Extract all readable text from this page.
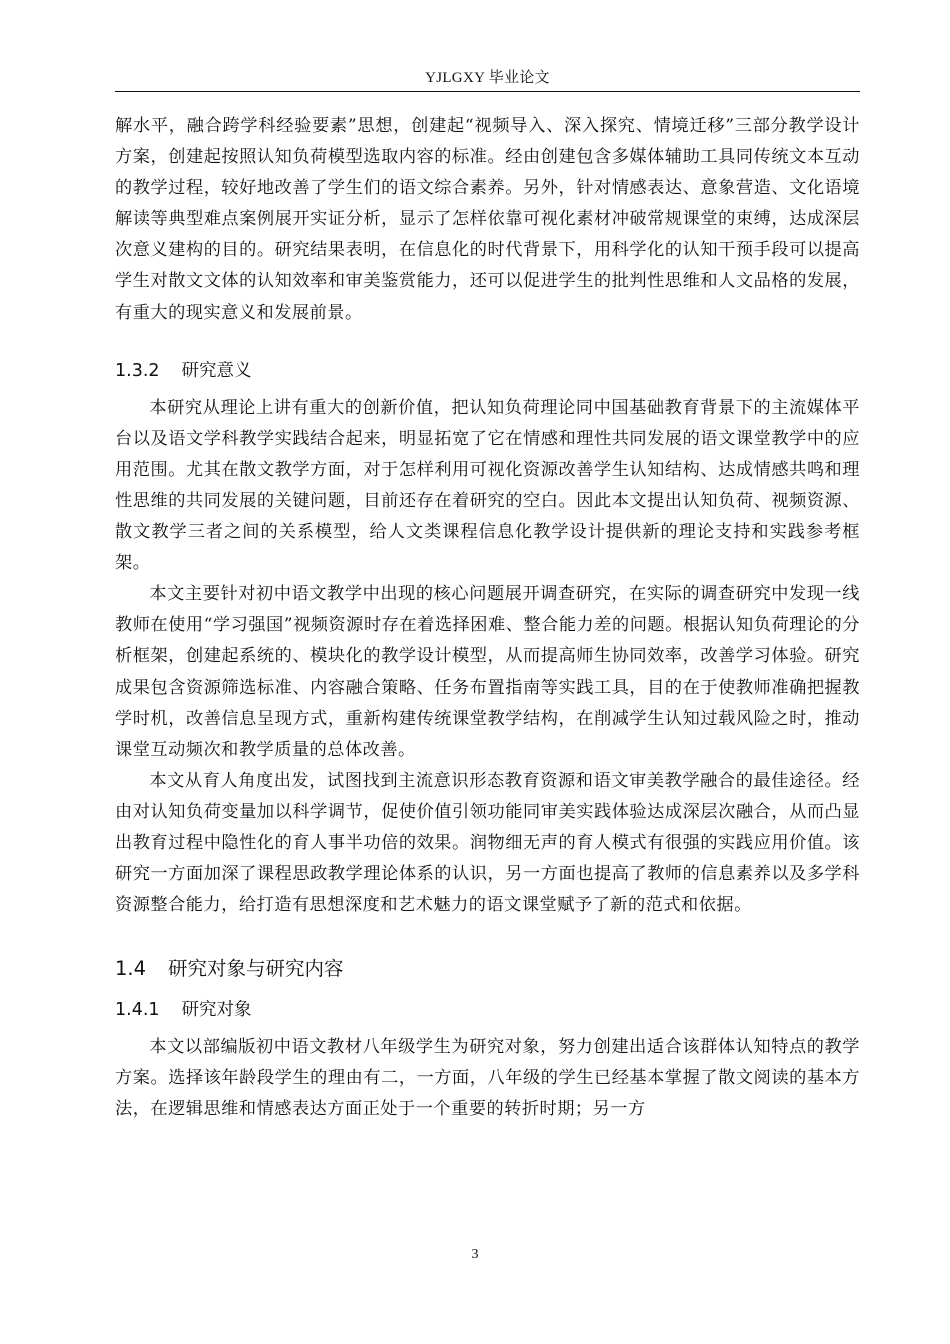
YJLGXY 毕业论文

解水平，融合跨学科经验要素”思想，创建起“视频导入、深入探究、情境迁移”三部分教学设计方案，创建起按照认知负荷模型选取内容的标准。经由创建包含多媒体辅助工具同传统文本互动的教学过程，较好地改善了学生们的语文综合素养。另外，针对情感表达、意象营造、文化语境解读等典型难点案例展开实证分析，显示了怎样依靠可视化素材冲破常规课堂的束缚，达成深层次意义建构的目的。研究结果表明，在信息化的时代背景下，用科学化的认知干预手段可以提高学生对散文文体的认知效率和审美鉴赏能力，还可以促进学生的批判性思维和人文品格的发展，有重大的现实意义和发展前景。

1.3.2 研究意义

本研究从理论上讲有重大的创新价值，把认知负荷理论同中国基础教育背景下的主流媒体平台以及语文学科教学实践结合起来，明显拓宽了它在情感和理性共同发展的语文课堂教学中的应用范围。尤其在散文教学方面，对于怎样利用可视化资源改善学生认知结构、达成情感共鸣和理性思维的共同发展的关键问题，目前还存在着研究的空白。因此本文提出认知负荷、视频资源、散文教学三者之间的关系模型，给人文类课程信息化教学设计提供新的理论支持和实践参考框架。

本文主要针对初中语文教学中出现的核心问题展开调查研究，在实际的调查研究中发现一线教师在使用“学习强国”视频资源时存在着选择困难、整合能力差的问题。根据认知负荷理论的分析框架，创建起系统的、模块化的教学设计模型，从而提高师生协同效率，改善学习体验。研究成果包含资源筛选标准、内容融合策略、任务布置指南等实践工具，目的在于使教师准确把握教学时机，改善信息呈现方式，重新构建传统课堂教学结构，在削减学生认知过载风险之时，推动课堂互动频次和教学质量的总体改善。

本文从育人角度出发，试图找到主流意识形态教育资源和语文审美教学融合的最佳途径。经由对认知负荷变量加以科学调节，促使价值引领功能同审美实践体验达成深层次融合，从而凸显出教育过程中隐性化的育人事半功倍的效果。润物细无声的育人模式有很强的实践应用价值。该研究一方面加深了课程思政教学理论体系的认识，另一方面也提高了教师的信息素养以及多学科资源整合能力，给打造有思想深度和艺术魅力的语文课堂赋予了新的范式和依据。

1.4 研究对象与研究内容
1.4.1 研究对象

本文以部编版初中语文教材八年级学生为研究对象，努力创建出适合该群体认知特点的教学方案。选择该年龄段学生的理由有二，一方面，八年级的学生已经基本掌握了散文阅读的基本方法，在逻辑思维和情感表达方面正处于一个重要的转折时期；另一方

3
